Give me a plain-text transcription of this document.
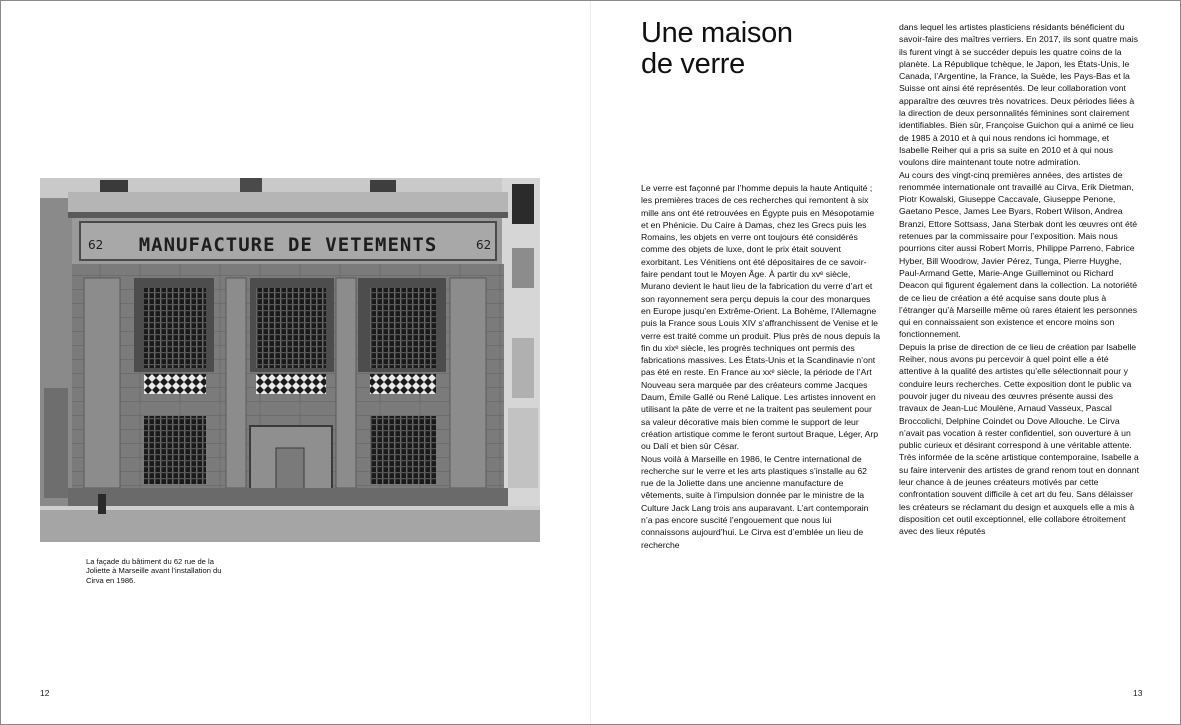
62 MANUFACTURE DE VETEMENTS	62
La façade du bâtiment du 62 rue de la Joliette à Marseille avant l’installation du Cirva en 1986.
12
Une maison
de verre

Le verre est façonné par l’homme depuis la haute Antiquité ; les premières traces de ces recherches qui remontent à six mille ans ont été retrouvées en Égypte puis en Mésopotamie et en Phénicie. Du Caire à Damas, chez les Grecs puis les Romains, les objets en verre ont toujours été considérés comme des objets de luxe, dont le prix était souvent exorbitant. Les Vénitiens ont été dépositaires de ce savoir-faire pendant tout le Moyen Âge. À partir du xvᵉ siècle, Murano devient le haut lieu de la fabrication du verre d’art et son rayonnement sera perçu depuis la cour des monarques en Europe jusqu’en Extrême-Orient. La Bohème, l’Allemagne puis la France sous Louis XIV s’affranchissent de Venise et le verre est traité comme un produit. Plus près de nous depuis la fin du xixᵉ siècle, les progrès techniques ont permis des fabrications massives. Les États-Unis et la Scandinavie n’ont pas été en reste. En France au xxᵉ siècle, la période de l’Art Nouveau sera marquée par des créateurs comme Jacques Daum, Émile Gallé ou René Lalique. Les artistes innovent en utilisant la pâte de verre et ne la traitent pas seulement pour sa valeur décorative mais bien comme le support de leur création artistique comme le feront surtout Braque, Léger, Arp ou Dalí et bien sûr César.

Nous voilà à Marseille en 1986, le Centre international de recherche sur le verre et les arts plastiques s’installe au 62 rue de la Joliette dans une ancienne manufacture de vêtements, suite à l’impulsion donnée par le ministre de la Culture Jack Lang trois ans auparavant. L’art contemporain n’a pas encore suscité l’engouement que nous lui connaissons aujourd’hui. Le Cirva est d’emblée un lieu de recherche

dans lequel les artistes plasticiens résidants bénéficient du savoir-faire des maîtres verriers. En 2017, ils sont quatre mais ils furent vingt à se succéder depuis les quatre coins de la planète. La République tchèque, le Japon, les États-Unis, le Canada, l’Argentine, la France, la Suède, les Pays-Bas et la Suisse ont ainsi été représentés. De leur collaboration vont apparaître des œuvres très novatrices. Deux périodes liées à la direction de deux personnalités féminines sont clairement identifiables. Bien sûr, Françoise Guichon qui a animé ce lieu de 1985 à 2010 et à qui nous rendons ici hommage, et Isabelle Reiher qui a pris sa suite en 2010 et à qui nous voulons dire maintenant toute notre admiration.

Au cours des vingt-cinq premières années, des artistes de renommée internationale ont travaillé au Cirva, Erik Dietman, Piotr Kowalski, Giuseppe Caccavale, Giuseppe Penone, Gaetano Pesce, James Lee Byars, Robert Wilson, Andrea Branzi, Ettore Sottsass, Jana Sterbak dont les œuvres ont été retenues par la commissaire pour l’exposition. Mais nous pourrions citer aussi Robert Morris, Philippe Parreno, Fabrice Hyber, Bill Woodrow, Javier Pérez, Tunga, Pierre Huyghe, Paul-Armand Gette, Marie-Ange Guilleminot ou Richard Deacon qui figurent également dans la collection. La notoriété de ce lieu de création a été acquise sans doute plus à l’étranger qu’à Marseille même où rares étaient les personnes qui en connaissaient son existence et encore moins son fonctionnement.

Depuis la prise de direction de ce lieu de création par Isabelle Reiher, nous avons pu percevoir à quel point elle a été attentive à la qualité des artistes qu’elle sélectionnait pour y conduire leurs recherches. Cette exposition dont le public va pouvoir juger du niveau des œuvres présente aussi des travaux de Jean-Luc Moulène, Arnaud Vasseux, Pascal Broccolichi, Delphine Coindet ou Dove Allouche. Le Cirva n’avait pas vocation à rester confidentiel, son ouverture à un public curieux et désirant correspond à une véritable attente. Très informée de la scène artistique contemporaine, Isabelle a su faire intervenir des artistes de grand renom tout en donnant leur chance à de jeunes créateurs motivés par cette confrontation souvent difficile à cet art du feu. Sans délaisser les créateurs se réclamant du design et auxquels elle a mis à disposition cet outil exceptionnel, elle collabore étroitement avec des lieux réputés

13
